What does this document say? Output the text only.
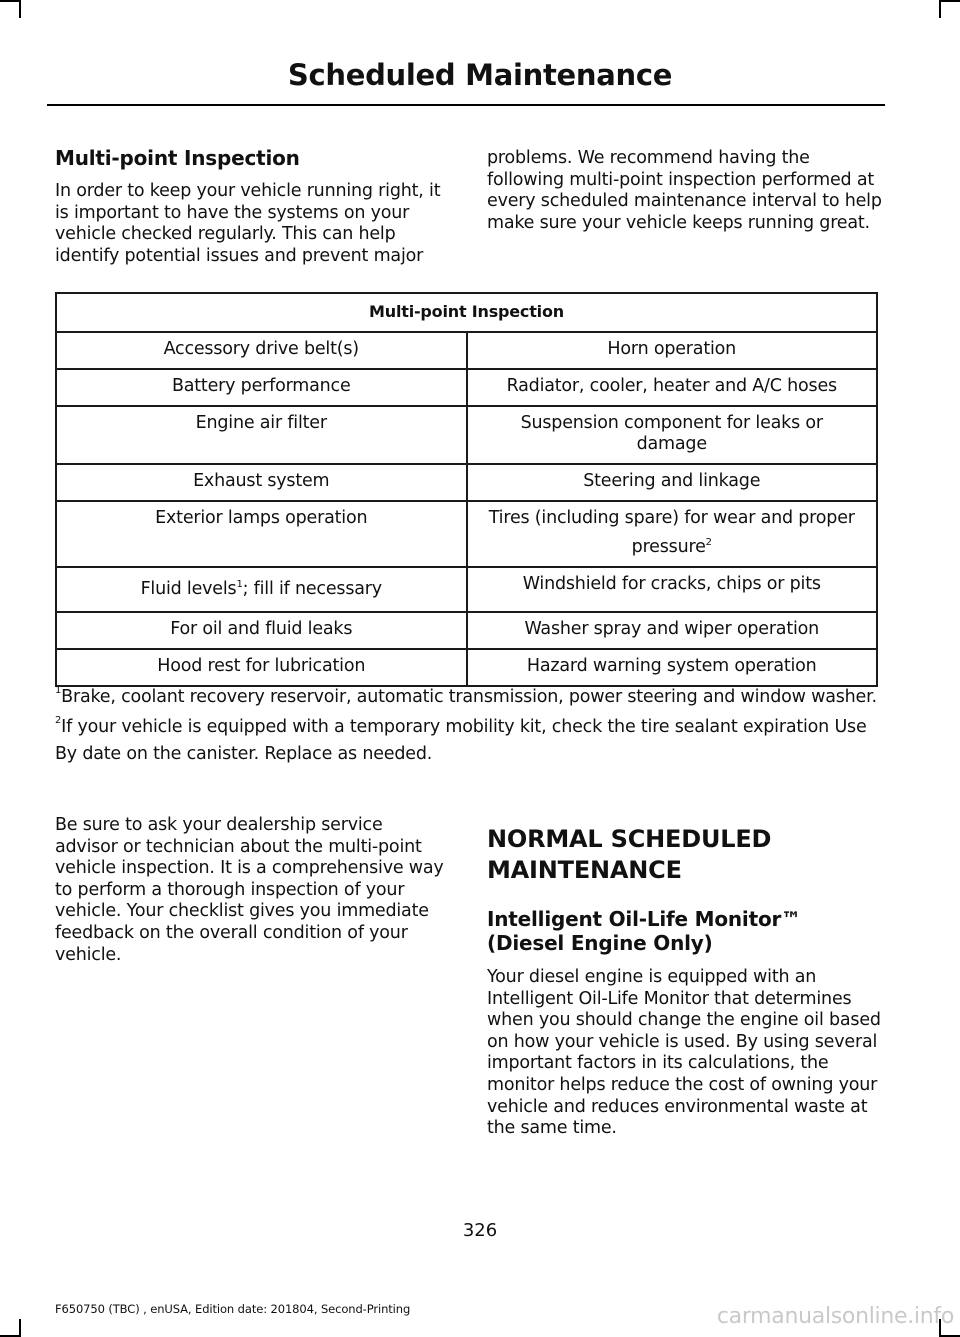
Scheduled Maintenance

Multi-point Inspection

In order to keep your vehicle running right, it is important to have the systems on your vehicle checked regularly. This can help identify potential issues and prevent major

problems. We recommend having the following multi-point inspection performed at every scheduled maintenance interval to help make sure your vehicle keeps running great.

Multi-point Inspection	
Accessory drive belt(s)	Horn operation
Battery performance	Radiator, cooler, heater and A/C hoses
Engine air filter	Suspension component for leaks or damage
Exhaust system	Steering and linkage
Exterior lamps operation	Tires (including spare) for wear and proper
pressure$^2$

Fluid levels$^1$; fill if necessary	Windshield for cracks, chips or pits
For oil and fluid leaks	Washer spray and wiper operation
Hood rest for lubrication	Hazard warning system operation

$^1$Brake, coolant recovery reservoir, automatic transmission, power steering and window washer.

$^2$If your vehicle is equipped with a temporary mobility kit, check the tire sealant expiration Use By date on the canister. Replace as needed.

Be sure to ask your dealership service advisor or technician about the multi-point vehicle inspection. It is a comprehensive way to perform a thorough inspection of your vehicle. Your checklist gives you immediate feedback on the overall condition of your vehicle.

NORMAL SCHEDULED MAINTENANCE

Intelligent Oil-Life Monitor™ (Diesel Engine Only)

Your diesel engine is equipped with an Intelligent Oil-Life Monitor that determines when you should change the engine oil based on how your vehicle is used. By using several important factors in its calculations, the monitor helps reduce the cost of owning your vehicle and reduces environmental waste at the same time.

326
F650750 (TBC) , enUSA, Edition date: 201804, Second-Printing	carmanualsonline.info
